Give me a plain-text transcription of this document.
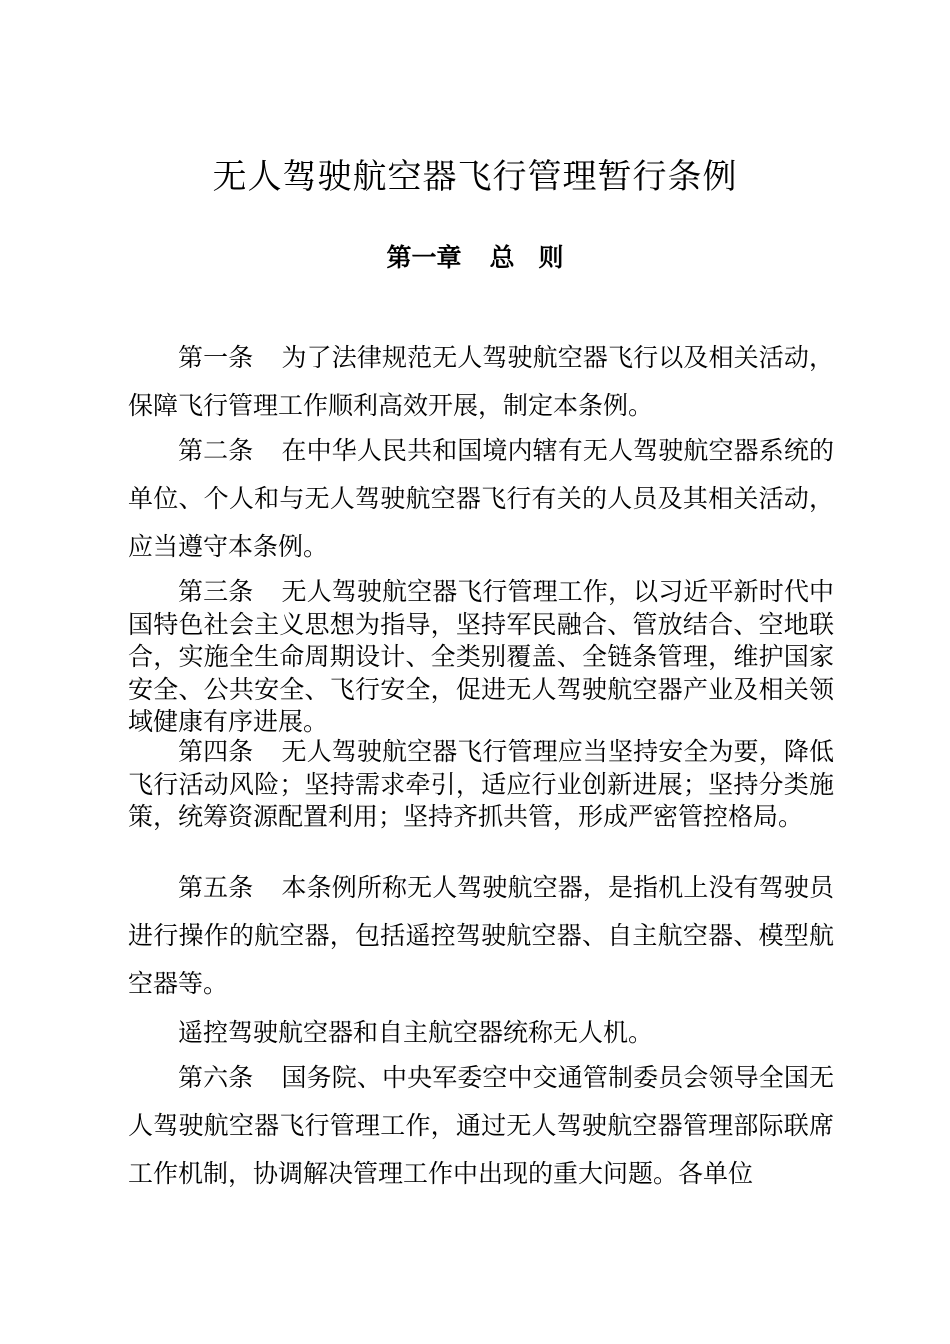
无人驾驶航空器飞行管理暂行条例
第一章 总 则

第一条 为了法律规范无人驾驶航空器飞行以及相关活动，保障飞行管理工作顺利高效开展，制定本条例。

第二条 在中华人民共和国境内辖有无人驾驶航空器系统的单位、个人和与无人驾驶航空器飞行有关的人员及其相关活动，应当遵守本条例。

第三条 无人驾驶航空器飞行管理工作，以习近平新时代中国特色社会主义思想为指导，坚持军民融合、管放结合、空地联合，实施全生命周期设计、全类别覆盖、全链条管理，维护国家安全、公共安全、飞行安全，促进无人驾驶航空器产业及相关领域健康有序进展。

第四条 无人驾驶航空器飞行管理应当坚持安全为要，降低飞行活动风险；坚持需求牵引，适应行业创新进展；坚持分类施策，统筹资源配置利用；坚持齐抓共管，形成严密管控格局。

第五条 本条例所称无人驾驶航空器，是指机上没有驾驶员进行操作的航空器，包括遥控驾驶航空器、自主航空器、模型航空器等。

遥控驾驶航空器和自主航空器统称无人机。

第六条 国务院、中央军委空中交通管制委员会领导全国无人驾驶航空器飞行管理工作，通过无人驾驶航空器管理部际联席工作机制，协调解决管理工作中出现的重大问题。各单位
